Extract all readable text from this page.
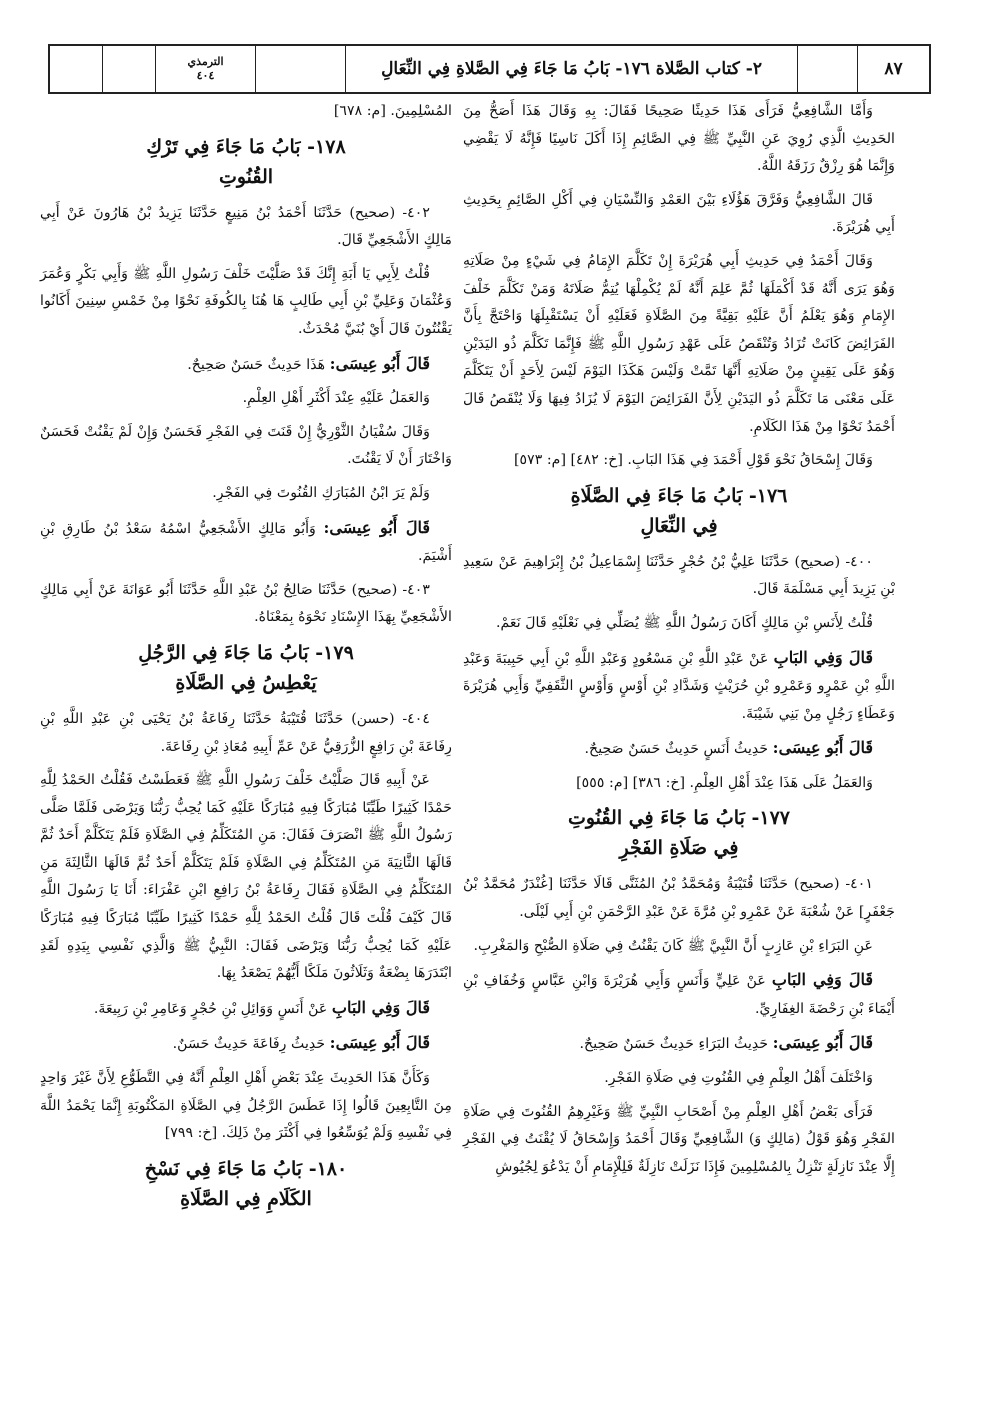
الترمذي
٤٠٤	٢- كتاب الصَّلاة ١٧٦- بَابُ مَا جَاءَ فِي الصَّلاةِ فِي النِّعَالِ	٨٧

وَأَمَّا الشَّافِعِيُّ فَرَأَى هَذَا حَدِيثًا صَحِيحًا فَقَالَ: بِهِ وَقَالَ هَذَا أَصَحُّ مِنَ الحَدِيثِ الَّذِي رُوِيَ عَنِ النَّبِيِّ ﷺ فِي الصَّائِمِ إِذَا أَكَلَ نَاسِيًا فَإِنَّهُ لَا يَقْضِي وَإِنَّمَا هُوَ رِزْقٌ رَزَقَهُ اللَّهُ.

قَالَ الشَّافِعِيُّ وَفَرَّقَ هَؤُلَاءِ بَيْنَ العَمْدِ وَالنِّسْيَانِ فِي أَكْلِ الصَّائِمِ بِحَدِيثِ أَبِي هُرَيْرَةَ.

وَقَالَ أَحْمَدُ فِي حَدِيثِ أَبِي هُرَيْرَةَ إِنْ تَكَلَّمَ الإِمَامُ فِي شَيْءٍ مِنْ صَلَاتِهِ وَهُوَ يَرَى أَنَّهُ قَدْ أَكْمَلَهَا ثُمَّ عَلِمَ أَنَّهُ لَمْ يُكْمِلْهَا يُتِمُّ صَلَاتَهُ وَمَنْ تَكَلَّمَ خَلْفَ الإِمَامِ وَهُوَ يَعْلَمُ أَنَّ عَلَيْهِ بَقِيَّةً مِنَ الصَّلَاةِ فَعَلَيْهِ أَنْ يَسْتَقْبِلَهَا وَاحْتَجَّ بِأَنَّ الفَرَائِضَ كَانَتْ تُزَادُ وَتُنْقَصُ عَلَى عَهْدِ رَسُولِ اللَّهِ ﷺ فَإِنَّمَا تَكَلَّمَ ذُو اليَدَيْنِ وَهُوَ عَلَى يَقِينٍ مِنْ صَلَاتِهِ أَنَّهَا تَمَّتْ وَلَيْسَ هَكَذَا اليَوْمَ لَيْسَ لِأَحَدٍ أَنْ يَتَكَلَّمَ عَلَى مَعْنَى مَا تَكَلَّمَ ذُو اليَدَيْنِ لِأَنَّ الفَرَائِضَ اليَوْمَ لَا يُزَادُ فِيهَا وَلَا يُنْقَصُ قَالَ أَحْمَدُ نَحْوًا مِنْ هَذَا الكَلَامِ.

وَقَالَ إِسْحَاقُ نَحْوَ قَوْلِ أَحْمَدَ فِي هَذَا البَابِ. [خ: ٤٨٢] [م: ٥٧٣]

١٧٦- بَابُ مَا جَاءَ فِي الصَّلَاةِ
فِي النِّعَالِ

٤٠٠- (صحيح) حَدَّثَنَا عَلِيُّ بْنُ حُجْرٍ حَدَّثَنَا إِسْمَاعِيلُ بْنُ إِبْرَاهِيمَ عَنْ سَعِيدِ بْنِ يَزِيدَ أَبِي مَسْلَمَةَ قَالَ.

قُلْتُ لِأَنَسِ بْنِ مَالِكٍ أَكَانَ رَسُولُ اللَّهِ ﷺ يُصَلِّي فِي نَعْلَيْهِ قَالَ نَعَمْ.

قَالَ وَفِي البَابِ عَنْ عَبْدِ اللَّهِ بْنِ مَسْعُودٍ وَعَبْدِ اللَّهِ بْنِ أَبِي حَبِيبَةَ وَعَبْدِ اللَّهِ بْنِ عَمْرٍو وَعَمْرِو بْنِ حُرَيْثٍ وَشَدَّادِ بْنِ أَوْسٍ وَأَوْسٍ الثَّقَفِيِّ وَأَبِي هُرَيْرَةَ وَعَطَاءٍ رَجُلٍ مِنْ بَنِي شَيْبَةَ.

قَالَ أَبُو عِيسَى: حَدِيثُ أَنَسٍ حَدِيثٌ حَسَنٌ صَحِيحٌ.

وَالعَمَلُ عَلَى هَذَا عِنْدَ أَهْلِ العِلْمِ. [خ: ٣٨٦] [م: ٥٥٥]

١٧٧- بَابُ مَا جَاءَ فِي القُنُوتِ
فِي صَلَاةِ الفَجْرِ

٤٠١- (صحيح) حَدَّثَنَا قُتَيْبَةُ وَمُحَمَّدُ بْنُ المُثَنَّى قَالَا حَدَّثَنَا [غُنْدَرٌ مُحَمَّدُ بْنُ جَعْفَرٍ] عَنْ شُعْبَةَ عَنْ عَمْرِو بْنِ مُرَّةَ عَنْ عَبْدِ الرَّحْمَنِ بْنِ أَبِي لَيْلَى.

عَنِ البَرَاءِ بْنِ عَازِبٍ أَنَّ النَّبِيَّ ﷺ كَانَ يَقْنُتُ فِي صَلَاةِ الصُّبْحِ وَالمَغْرِبِ.

قَالَ وَفِي البَابِ عَنْ عَلِيٍّ وَأَنَسٍ وَأَبِي هُرَيْرَةَ وَابْنِ عَبَّاسٍ وَخُفَافِ بْنِ أَيْمَاءَ بْنِ رَحْضَةَ الغِفَارِيِّ.

قَالَ أَبُو عِيسَى: حَدِيثُ البَرَاءِ حَدِيثٌ حَسَنٌ صَحِيحٌ.

وَاخْتَلَفَ أَهْلُ العِلْمِ فِي القُنُوتِ فِي صَلَاةِ الفَجْرِ.

فَرَأَى بَعْضُ أَهْلِ العِلْمِ مِنْ أَصْحَابِ النَّبِيِّ ﷺ وَغَيْرِهِمُ القُنُوتَ فِي صَلَاةِ الفَجْرِ وَهُوَ قَوْلُ (مَالِكٍ وَ) الشَّافِعِيِّ وَقَالَ أَحْمَدُ وَإِسْحَاقُ لَا يُقْنَتُ فِي الفَجْرِ إِلَّا عِنْدَ نَازِلَةٍ تَنْزِلُ بِالمُسْلِمِينَ فَإِذَا نَزَلَتْ نَازِلَةٌ فَلِلْإِمَامِ أَنْ يَدْعُوَ لِجُيُوشِ

المُسْلِمِينَ. [م: ٦٧٨]

١٧٨- بَابُ مَا جَاءَ فِي تَرْكِ
القُنُوتِ

٤٠٢- (صحيح) حَدَّثَنَا أَحْمَدُ بْنُ مَنِيعٍ حَدَّثَنَا يَزِيدُ بْنُ هَارُونَ عَنْ أَبِي مَالِكٍ الأَشْجَعِيِّ قَالَ.

قُلْتُ لِأَبِي يَا أَبَةِ إِنَّكَ قَدْ صَلَّيْتَ خَلْفَ رَسُولِ اللَّهِ ﷺ وَأَبِي بَكْرٍ وَعُمَرَ وَعُثْمَانَ وَعَلِيِّ بْنِ أَبِي طَالِبٍ هَا هُنَا بِالكُوفَةِ نَحْوًا مِنْ خَمْسِ سِنِينَ أَكَانُوا يَقْنُتُونَ قَالَ أَيْ بُنَيَّ مُحْدَثٌ.

قَالَ أَبُو عِيسَى: هَذَا حَدِيثٌ حَسَنٌ صَحِيحٌ.

وَالعَمَلُ عَلَيْهِ عِنْدَ أَكْثَرِ أَهْلِ العِلْمِ.

وَقَالَ سُفْيَانُ الثَّوْرِيُّ إِنْ قَنَتَ فِي الفَجْرِ فَحَسَنٌ وَإِنْ لَمْ يَقْنُتْ فَحَسَنٌ وَاخْتَارَ أَنْ لَا يَقْنُتَ.

وَلَمْ يَرَ ابْنُ المُبَارَكِ القُنُوتَ فِي الفَجْرِ.

قَالَ أَبُو عِيسَى: وَأَبُو مَالِكٍ الأَشْجَعِيُّ اسْمُهُ سَعْدُ بْنُ طَارِقِ بْنِ أَشْيَمَ.

٤٠٣- (صحيح) حَدَّثَنَا صَالِحُ بْنُ عَبْدِ اللَّهِ حَدَّثَنَا أَبُو عَوَانَةَ عَنْ أَبِي مَالِكٍ الأَشْجَعِيِّ بِهَذَا الإِسْنَادِ نَحْوَهُ بِمَعْنَاهُ.

١٧٩- بَابُ مَا جَاءَ فِي الرَّجُلِ
يَعْطِسُ فِي الصَّلَاةِ

٤٠٤- (حسن) حَدَّثَنَا قُتَيْبَةُ حَدَّثَنَا رِفَاعَةُ بْنُ يَحْيَى بْنِ عَبْدِ اللَّهِ بْنِ رِفَاعَةَ بْنِ رَافِعٍ الزُّرَقِيُّ عَنْ عَمِّ أَبِيهِ مُعَاذِ بْنِ رِفَاعَةَ.

عَنْ أَبِيهِ قَالَ صَلَّيْتُ خَلْفَ رَسُولِ اللَّهِ ﷺ فَعَطَسْتُ فَقُلْتُ الحَمْدُ لِلَّهِ حَمْدًا كَثِيرًا طَيِّبًا مُبَارَكًا فِيهِ مُبَارَكًا عَلَيْهِ كَمَا يُحِبُّ رَبُّنَا وَيَرْضَى فَلَمَّا صَلَّى رَسُولُ اللَّهِ ﷺ انْصَرَفَ فَقَالَ: مَنِ المُتَكَلِّمُ فِي الصَّلَاةِ فَلَمْ يَتَكَلَّمْ أَحَدٌ ثُمَّ قَالَهَا الثَّانِيَةَ مَنِ المُتَكَلِّمُ فِي الصَّلَاةِ فَلَمْ يَتَكَلَّمْ أَحَدٌ ثُمَّ قَالَهَا الثَّالِثَةَ مَنِ المُتَكَلِّمُ فِي الصَّلَاةِ فَقَالَ رِفَاعَةُ بْنُ رَافِعِ ابْنِ عَفْرَاءَ: أَنَا يَا رَسُولَ اللَّهِ قَالَ كَيْفَ قُلْتَ قَالَ قُلْتُ الحَمْدُ لِلَّهِ حَمْدًا كَثِيرًا طَيِّبًا مُبَارَكًا فِيهِ مُبَارَكًا عَلَيْهِ كَمَا يُحِبُّ رَبُّنَا وَيَرْضَى فَقَالَ: النَّبِيُّ ﷺ وَالَّذِي نَفْسِي بِيَدِهِ لَقَدِ ابْتَدَرَهَا بِضْعَةٌ وَثَلَاثُونَ مَلَكًا أَيُّهُمْ يَصْعَدُ بِهَا.

قَالَ وَفِي البَابِ عَنْ أَنَسٍ وَوَائِلِ بْنِ حُجْرٍ وَعَامِرِ بْنِ رَبِيعَةَ.

قَالَ أَبُو عِيسَى: حَدِيثُ رِفَاعَةَ حَدِيثٌ حَسَنٌ.

وَكَأَنَّ هَذَا الحَدِيثَ عِنْدَ بَعْضِ أَهْلِ العِلْمِ أَنَّهُ فِي التَّطَوُّعِ لِأَنَّ غَيْرَ وَاحِدٍ مِنَ التَّابِعِينَ قَالُوا إِذَا عَطَسَ الرَّجُلُ فِي الصَّلَاةِ المَكْتُوبَةِ إِنَّمَا يَحْمَدُ اللَّهَ فِي نَفْسِهِ وَلَمْ يُوَسِّعُوا فِي أَكْثَرَ مِنْ ذَلِكَ. [خ: ٧٩٩]

١٨٠- بَابُ مَا جَاءَ فِي نَسْخِ
الكَلَامِ فِي الصَّلَاةِ
